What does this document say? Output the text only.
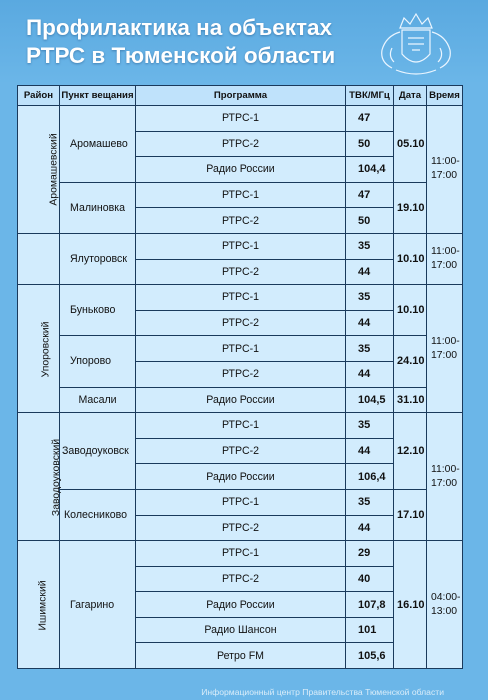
Профилактика на объектах
РТРС в Тюменской области
Район	Пункт вещания	Программа	ТВК/МГц	Дата	Время
Аромашевский	Аромашево	РТРС-1	47	05.10	11:00-
17:00
		РТРС-2	50		
		Радио России	104,4		
	Малиновка	РТРС-1	47	19.10	
		РТРС-2	50		
	Ялуторовск	РТРС-1	35	10.10	11:00-
17:00
		РТРС-2	44		
Упоровский	Буньково	РТРС-1	35	10.10	11:00-
17:00
		РТРС-2	44		
	Упорово	РТРС-1	35	24.10	
		РТРС-2	44		
	Масали	Радио России	104,5	31.10	
Заводоуковский	Заводоуковск	РТРС-1	35	12.10	11:00-
17:00
		РТРС-2	44		
		Радио России	106,4		
	Колесниково	РТРС-1	35	17.10	
		РТРС-2	44		
Ишимский	Гагарино	РТРС-1	29	16.10	04:00-
13:00
		РТРС-2	40		
		Радио России	107,8		
		Радио Шансон	101		
		Ретро FM	105,6		
Информационный центр Правительства Тюменской области
